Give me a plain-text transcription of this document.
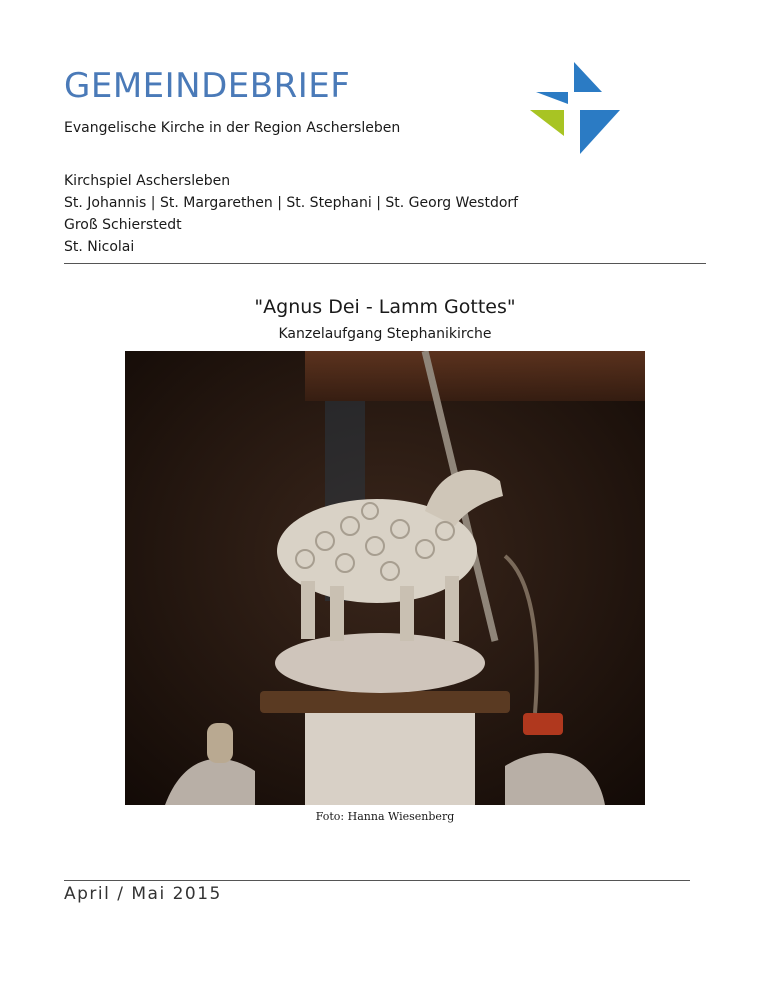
GEMEINDEBRIEF
Evangelische Kirche in der Region Aschersleben
Kirchspiel Aschersleben
St. Johannis | St. Margarethen | St. Stephani | St. Georg Westdorf
Groß Schierstedt
St. Nicolai
"Agnus Dei - Lamm Gottes"
Kanzelaufgang Stephanikirche
Foto: Hanna Wiesenberg
April / Mai 2015
